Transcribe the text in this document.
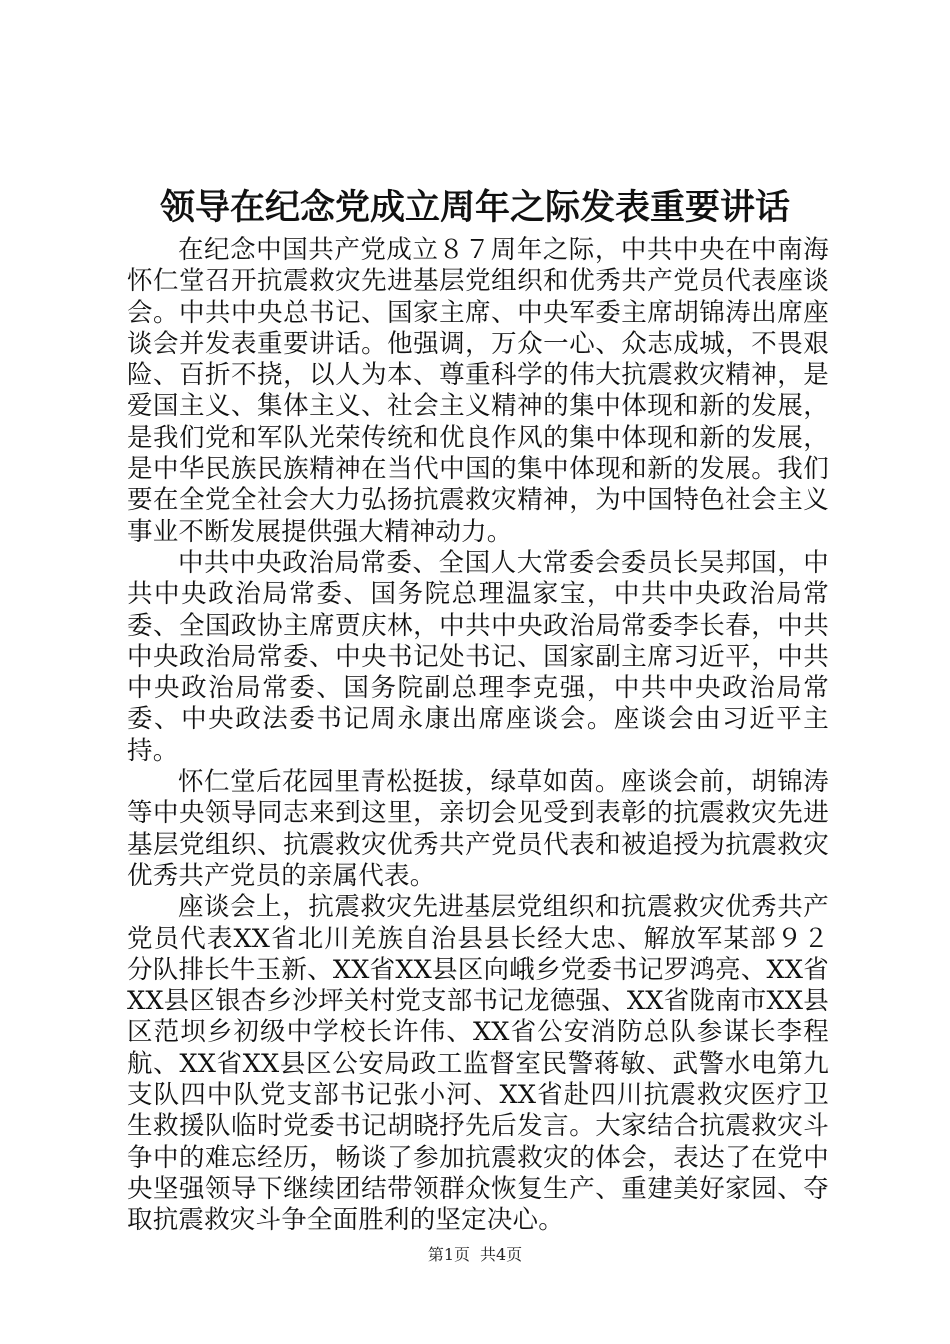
领导在纪念党成立周年之际发表重要讲话

在纪念中国共产党成立８７周年之际，中共中央在中南海怀仁堂召开抗震救灾先进基层党组织和优秀共产党员代表座谈会。中共中央总书记、国家主席、中央军委主席胡锦涛出席座谈会并发表重要讲话。他强调，万众一心、众志成城，不畏艰险、百折不挠，以人为本、尊重科学的伟大抗震救灾精神，是爱国主义、集体主义、社会主义精神的集中体现和新的发展，是我们党和军队光荣传统和优良作风的集中体现和新的发展，是中华民族民族精神在当代中国的集中体现和新的发展。我们要在全党全社会大力弘扬抗震救灾精神，为中国特色社会主义事业不断发展提供强大精神动力。

中共中央政治局常委、全国人大常委会委员长吴邦国，中共中央政治局常委、国务院总理温家宝，中共中央政治局常委、全国政协主席贾庆林，中共中央政治局常委李长春，中共中央政治局常委、中央书记处书记、国家副主席习近平，中共中央政治局常委、国务院副总理李克强，中共中央政治局常委、中央政法委书记周永康出席座谈会。座谈会由习近平主持。

怀仁堂后花园里青松挺拔，绿草如茵。座谈会前，胡锦涛等中央领导同志来到这里，亲切会见受到表彰的抗震救灾先进基层党组织、抗震救灾优秀共产党员代表和被追授为抗震救灾优秀共产党员的亲属代表。

座谈会上，抗震救灾先进基层党组织和抗震救灾优秀共产党员代表XX省北川羌族自治县县长经大忠、解放军某部９２分队排长牛玉新、XX省XX县区向峨乡党委书记罗鸿亮、XX省XX县区银杏乡沙坪关村党支部书记龙德强、XX省陇南市XX县区范坝乡初级中学校长许伟、XX省公安消防总队参谋长李程航、XX省XX县区公安局政工监督室民警蒋敏、武警水电第九支队四中队党支部书记张小河、XX省赴四川抗震救灾医疗卫生救援队临时党委书记胡晓抒先后发言。大家结合抗震救灾斗争中的难忘经历，畅谈了参加抗震救灾的体会，表达了在党中央坚强领导下继续团结带领群众恢复生产、重建美好家园、夺取抗震救灾斗争全面胜利的坚定决心。

第1页 共4页
